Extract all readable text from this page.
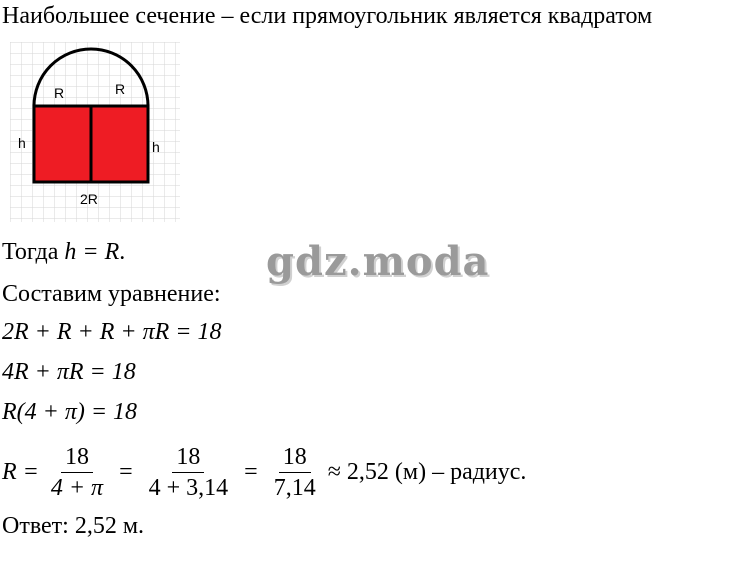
Наибольшее сечение – если прямоугольник является квадратом
R	R
h	h
2R
Тогда h = R.	gdz.moda
Составим уравнение:
2R + R + R + πR = 18
4R + πR = 18
R(4 + π) = 18
$R = \frac{18}{4 + \pi} = \frac{18}{4 + 3,14} = \frac{18}{7,14} \approx 2,52$ (м) – радиус.
Ответ: 2,52 м.
